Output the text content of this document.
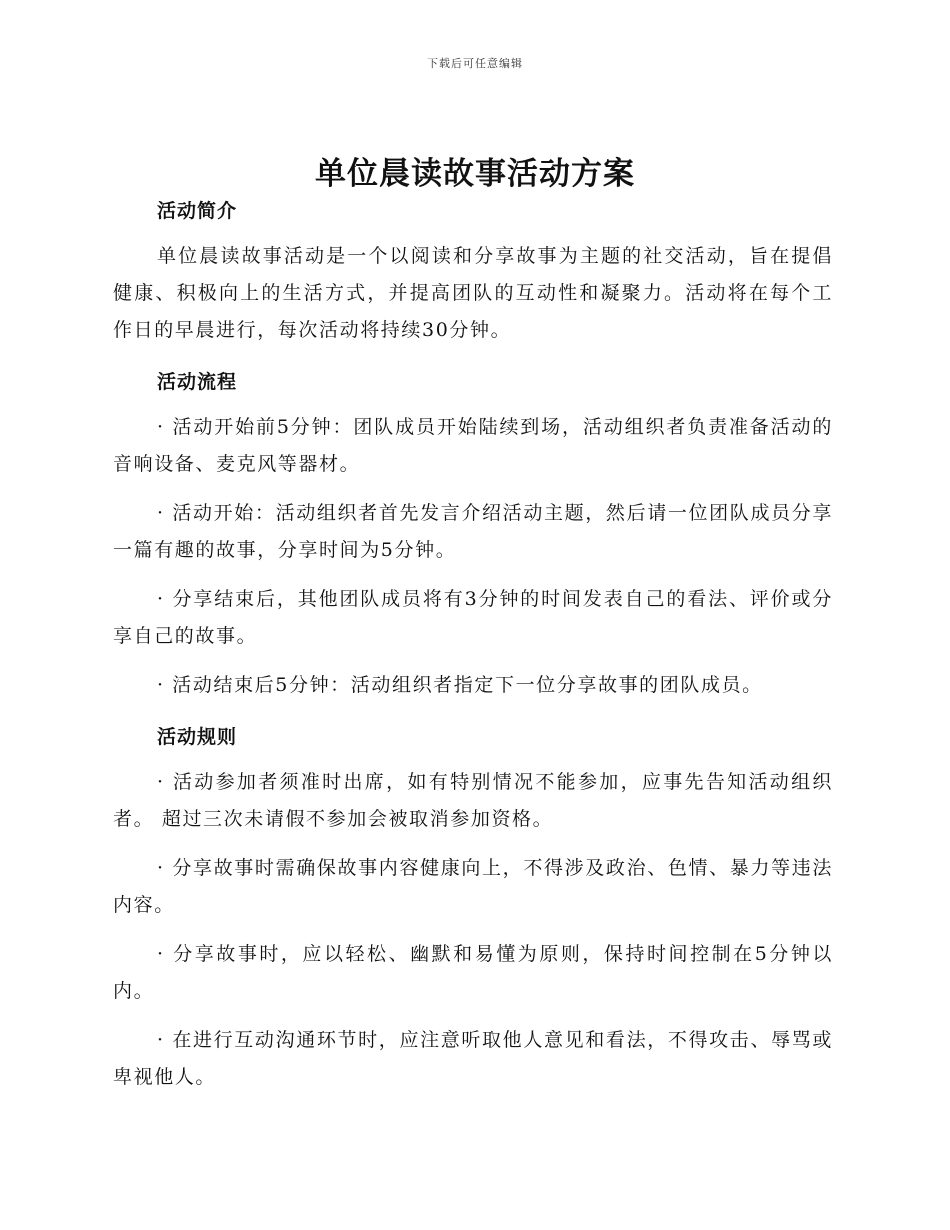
下载后可任意编辑
单位晨读故事活动方案
活动简介

单位晨读故事活动是一个以阅读和分享故事为主题的社交活动，旨在提倡健康、积极向上的生活方式，并提高团队的互动性和凝聚力。活动将在每个工作日的早晨进行，每次活动将持续30分钟。

活动流程

· 活动开始前5分钟：团队成员开始陆续到场，活动组织者负责准备活动的音响设备、麦克风等器材。

· 活动开始：活动组织者首先发言介绍活动主题，然后请一位团队成员分享一篇有趣的故事，分享时间为5分钟。

· 分享结束后，其他团队成员将有3分钟的时间发表自己的看法、评价或分享自己的故事。

· 活动结束后5分钟：活动组织者指定下一位分享故事的团队成员。

活动规则

· 活动参加者须准时出席，如有特别情况不能参加，应事先告知活动组织者。 超过三次未请假不参加会被取消参加资格。

· 分享故事时需确保故事内容健康向上，不得涉及政治、色情、暴力等违法内容。

· 分享故事时，应以轻松、幽默和易懂为原则，保持时间控制在5分钟以内。

· 在进行互动沟通环节时，应注意听取他人意见和看法，不得攻击、辱骂或卑视他人。
